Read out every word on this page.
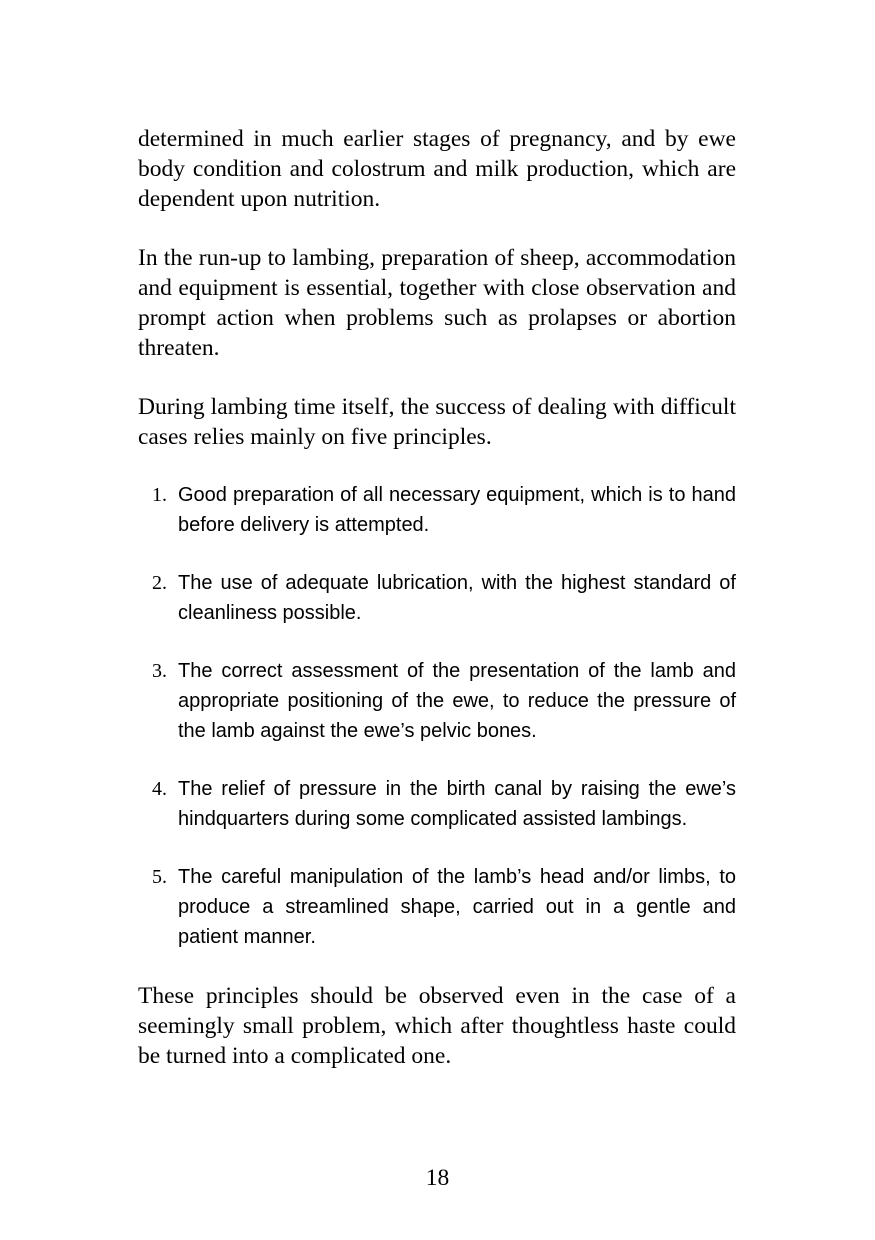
determined in much earlier stages of pregnancy, and by ewe body condition and colostrum and milk production, which are dependent upon nutrition.

In the run-up to lambing, preparation of sheep, accommodation and equipment is essential, together with close observation and prompt action when problems such as prolapses or abortion threaten.

During lambing time itself, the success of dealing with difficult cases relies mainly on five principles.

1. Good preparation of all necessary equipment, which is to hand before delivery is attempted.
2. The use of adequate lubrication, with the highest standard of cleanliness possible.
3. The correct assessment of the presentation of the lamb and appropriate positioning of the ewe, to reduce the pressure of the lamb against the ewe’s pelvic bones.
4. The relief of pressure in the birth canal by raising the ewe’s hindquarters during some complicated assisted lambings.
5. The careful manipulation of the lamb’s head and/or limbs, to produce a streamlined shape, carried out in a gentle and patient manner.

These principles should be observed even in the case of a seemingly small problem, which after thoughtless haste could be turned into a complicated one.

18
